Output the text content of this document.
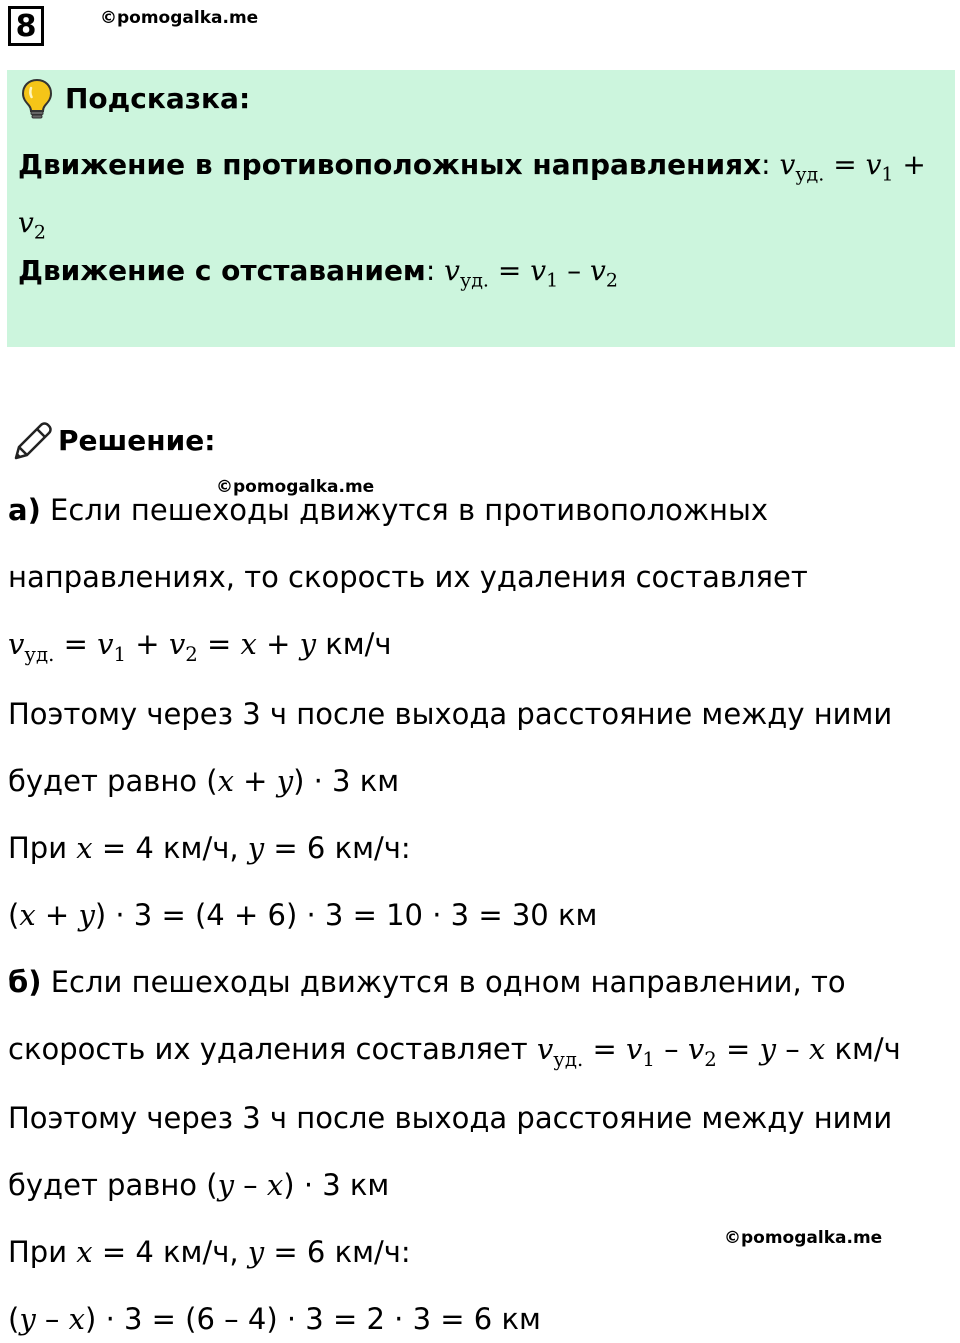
8	©pomogalka.me
©pomogalka.me
©pomogalka.me
Подсказка:
Движение в противоположных направлениях: $v_{уд.} = v_1$ +
$v_2$
Движение с отставанием: $v_{уд.} = v_1 - v_2$
Решение:
а) Если пешеходы движутся в противоположных
направлениях, то скорость их удаления составляет
$v_{уд.} = v_1 + v_2 = x + y$ км/ч
Поэтому через 3 ч после выхода расстояние между ними
будет равно (x + y) · 3 км
При x = 4 км/ч, y = 6 км/ч:
(x + y) · 3 = (4 + 6) · 3 = 10 · 3 = 30 км
б) Если пешеходы движутся в одном направлении, то
скорость их удаления составляет $v_{уд.} = v_1 - v_2 = y - x$ км/ч
Поэтому через 3 ч после выхода расстояние между ними
будет равно (y – x) · 3 км
При x = 4 км/ч, y = 6 км/ч:
(y – x) · 3 = (6 – 4) · 3 = 2 · 3 = 6 км
